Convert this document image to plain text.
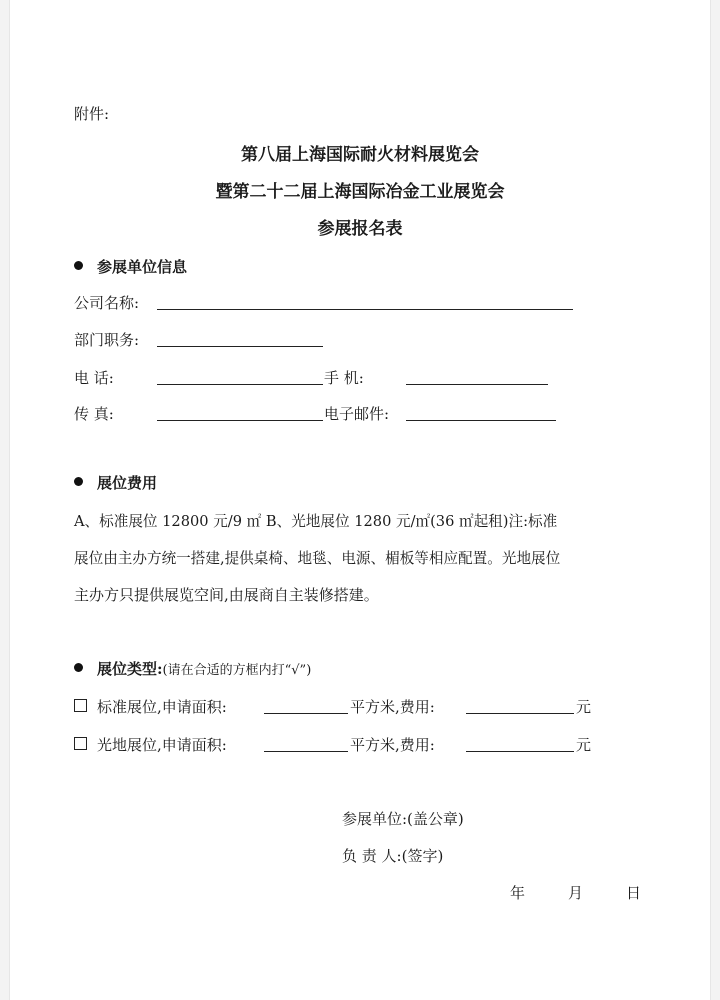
附件:
第八届上海国际耐火材料展览会
暨第二十二届上海国际冶金工业展览会
参展报名表
参展单位信息
公司名称:
部门职务:
电 话:	手 机:
传 真:	电子邮件:
展位费用
A、标准展位 12800 元/9 ㎡ B、光地展位 1280 元/㎡(36 ㎡起租)注:标准
展位由主办方统一搭建,提供桌椅、地毯、电源、楣板等相应配置。光地展位
主办方只提供展览空间,由展商自主装修搭建。
展位类型:(请在合适的方框内打“√”)
标准展位,申请面积:	平方米,费用:	元
光地展位,申请面积:	平方米,费用:	元
参展单位:(盖公章)
负 责 人:(签字)
年	月	日
